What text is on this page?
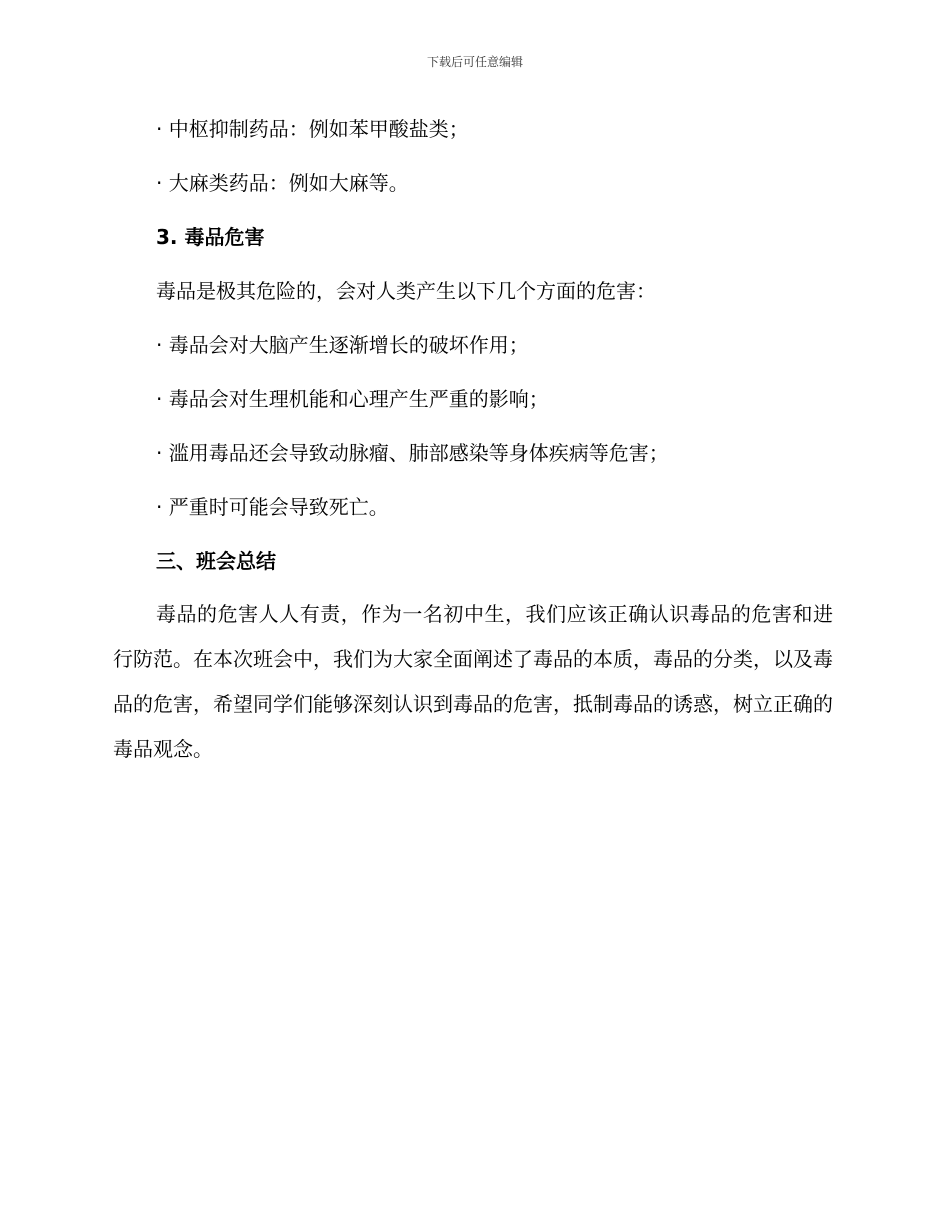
下载后可任意编辑
· 中枢抑制药品：例如苯甲酸盐类；
· 大麻类药品：例如大麻等。
3. 毒品危害
毒品是极其危险的，会对人类产生以下几个方面的危害：
· 毒品会对大脑产生逐渐增长的破坏作用；
· 毒品会对生理机能和心理产生严重的影响；
· 滥用毒品还会导致动脉瘤、肺部感染等身体疾病等危害；
· 严重时可能会导致死亡。
三、班会总结
毒品的危害人人有责，作为一名初中生，我们应该正确认识毒品的危害和进行防范。在本次班会中，我们为大家全面阐述了毒品的本质，毒品的分类，以及毒品的危害，希望同学们能够深刻认识到毒品的危害，抵制毒品的诱惑，树立正确的毒品观念。
